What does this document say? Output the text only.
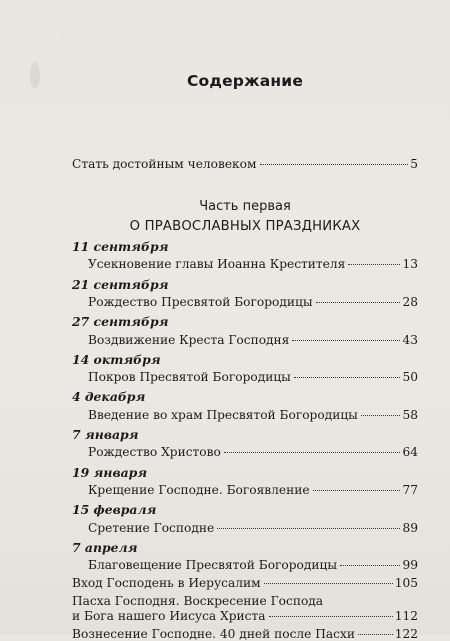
· · · · · · · · · ·
Содержание
Стать достойным человеком	5
Часть первая
О ПРАВОСЛАВНЫХ ПРАЗДНИКАХ
11 сентября
Усекновение главы Иоанна Крестителя	13
21 сентября
Рождество Пресвятой Богородицы	28
27 сентября
Воздвижение Креста Господня	43
14 октября
Покров Пресвятой Богородицы	50
4 декабря
Введение во храм Пресвятой Богородицы	58
7 января
Рождество Христово	64
19 января
Крещение Господне. Богоявление	77
15 февраля
Сретение Господне	89
7 апреля
Благовещение Пресвятой Богородицы	99
Вход Господень в Иерусалим	105
Пасха Господня. Воскресение Господа
и Бога нашего Иисуса Христа	112
Вознесение Господне. 40 дней после Пасхи	122
